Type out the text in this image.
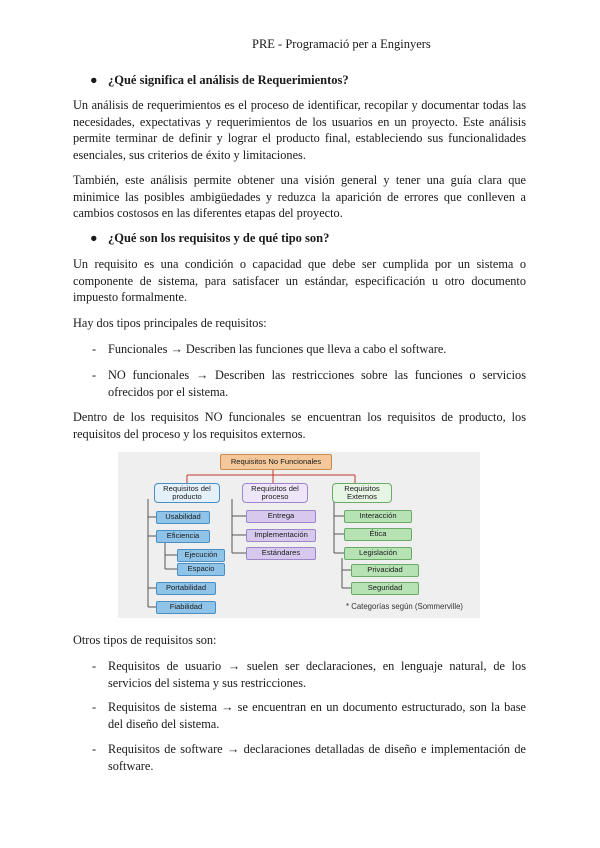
PRE - Programació per a Enginyers
● ¿Qué significa el análisis de Requerimientos?
Un análisis de requerimientos es el proceso de identificar, recopilar y documentar todas las necesidades, expectativas y requerimientos de los usuarios en un proyecto. Este análisis permite terminar de definir y lograr el producto final, estableciendo sus funcionalidades esenciales, sus criterios de éxito y limitaciones.
También, este análisis permite obtener una visión general y tener una guía clara que minimice las posibles ambigüedades y reduzca la aparición de errores que conlleven a cambios costosos en las diferentes etapas del proyecto.
● ¿Qué son los requisitos y de qué tipo son?
Un requisito es una condición o capacidad que debe ser cumplida por un sistema o componente de sistema, para satisfacer un estándar, especificación u otro documento impuesto formalmente.
Hay dos tipos principales de requisitos:
- Funcionales → Describen las funciones que lleva a cabo el software.
- NO funcionales → Describen las restricciones sobre las funciones o servicios ofrecidos por el sistema.
Dentro de los requisitos NO funcionales se encuentran los requisitos de producto, los requisitos del proceso y los requisitos externos.
Requisitos No Funcionales
Requisitos del producto
Usabilidad
Eficiencia
Ejecución
Espacio
Portabilidad
Fiabilidad
Requisitos del proceso
Entrega
Implementación
Estándares
Requisitos Externos
Interacción
Ética
Legislación
Privacidad
Seguridad
* Categorías según (Sommerville)
Otros tipos de requisitos son:
- Requisitos de usuario → suelen ser declaraciones, en lenguaje natural, de los servicios del sistema y sus restricciones.
- Requisitos de sistema → se encuentran en un documento estructurado, son la base del diseño del sistema.
- Requisitos de software → declaraciones detalladas de diseño e implementación de software.
